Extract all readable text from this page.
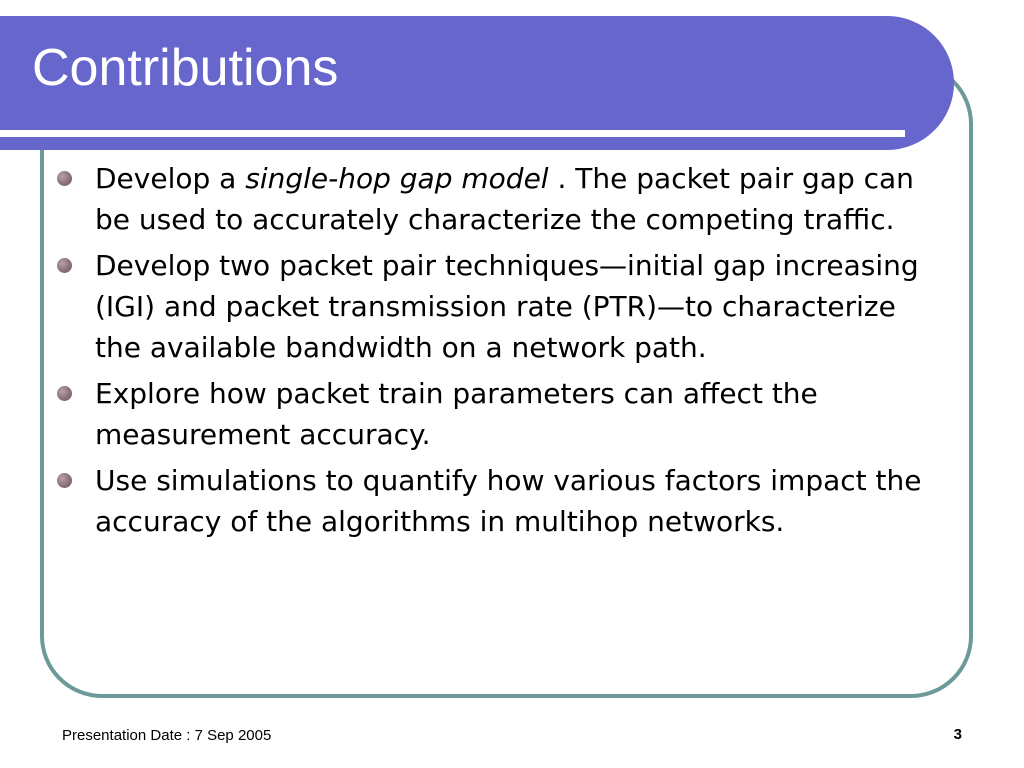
Contributions
Develop a single-hop gap model . The packet pair gap can be used to accurately characterize the competing traffic.
Develop two packet pair techniques—initial gap increasing (IGI) and packet transmission rate (PTR)—to characterize the available bandwidth on a network path.
Explore how packet train parameters can affect the measurement accuracy.
Use simulations to quantify how various factors impact the accuracy of the algorithms in multihop networks.
Presentation Date : 7 Sep 2005	3
